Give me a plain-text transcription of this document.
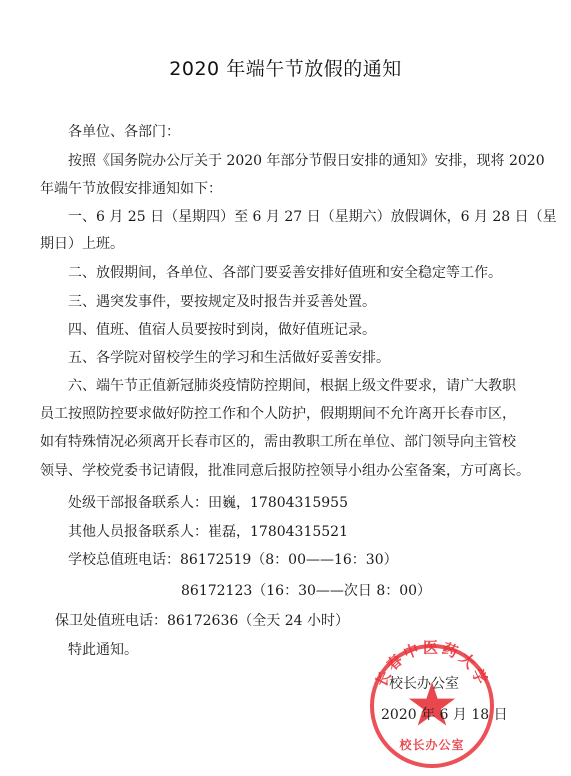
2020 年端午节放假的通知
各单位、各部门：
按照《国务院办公厅关于 2020 年部分节假日安排的通知》安排，现将 2020
年端午节放假安排通知如下：
一、6 月 25 日（星期四）至 6 月 27 日（星期六）放假调休，6 月 28 日（星
期日）上班。
二、放假期间，各单位、各部门要妥善安排好值班和安全稳定等工作。
三、遇突发事件，要按规定及时报告并妥善处置。
四、值班、值宿人员要按时到岗，做好值班记录。
五、各学院对留校学生的学习和生活做好妥善安排。
六、端午节正值新冠肺炎疫情防控期间，根据上级文件要求，请广大教职
员工按照防控要求做好防控工作和个人防护，假期期间不允许离开长春市区，
如有特殊情况必须离开长春市区的，需由教职工所在单位、部门领导向主管校
领导、学校党委书记请假，批准同意后报防控领导小组办公室备案，方可离长。
处级干部报备联系人：田巍，17804315955
其他人员报备联系人：崔磊，17804315521
学校总值班电话：86172519（8：00——16：30）
86172123（16：30——次日 8：00）
保卫处值班电话：86172636（全天 24 小时）
特此通知。
长春中医药大学
校长办公室
校长办公室
2020 年 6 月 18 日
